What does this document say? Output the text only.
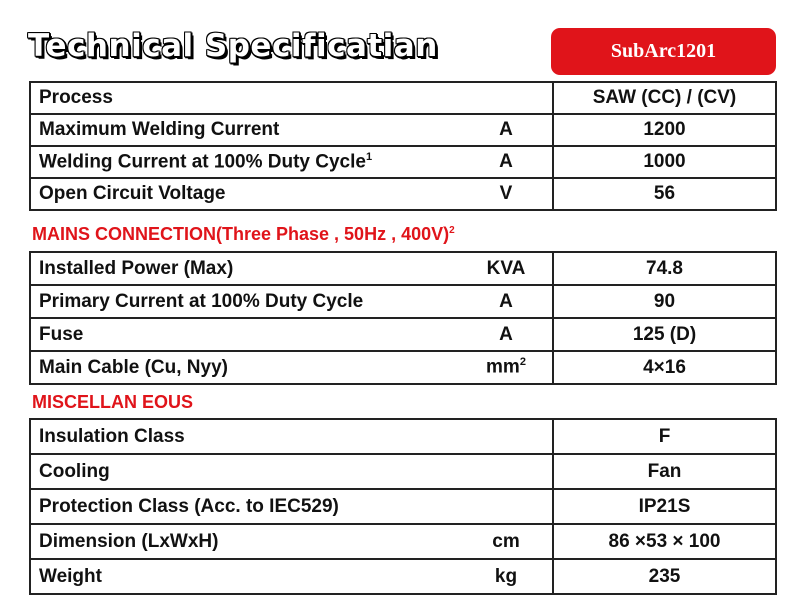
Technical Specificatian	SubArc1201
Process		SAW (CC) / (CV)
Maximum Welding Current	A	1200
Welding Current at 100% Duty Cycle$^1$	A	1000
Open Circuit Voltage	V	56
MAINS CONNECTION(Three Phase , 50Hz , 400V)$^2$
Installed Power (Max)	KVA	74.8
Primary Current at 100% Duty Cycle	A	90
Fuse	A	125 (D)
Main Cable (Cu, Nyy)	mm$^2$	4×16
MISCELLAN EOUS
Insulation Class		F
Cooling		Fan
Protection Class (Acc. to IEC529)		IP21S
Dimension (LxWxH)	cm	86 ×53 × 100
Weight	kg	235
